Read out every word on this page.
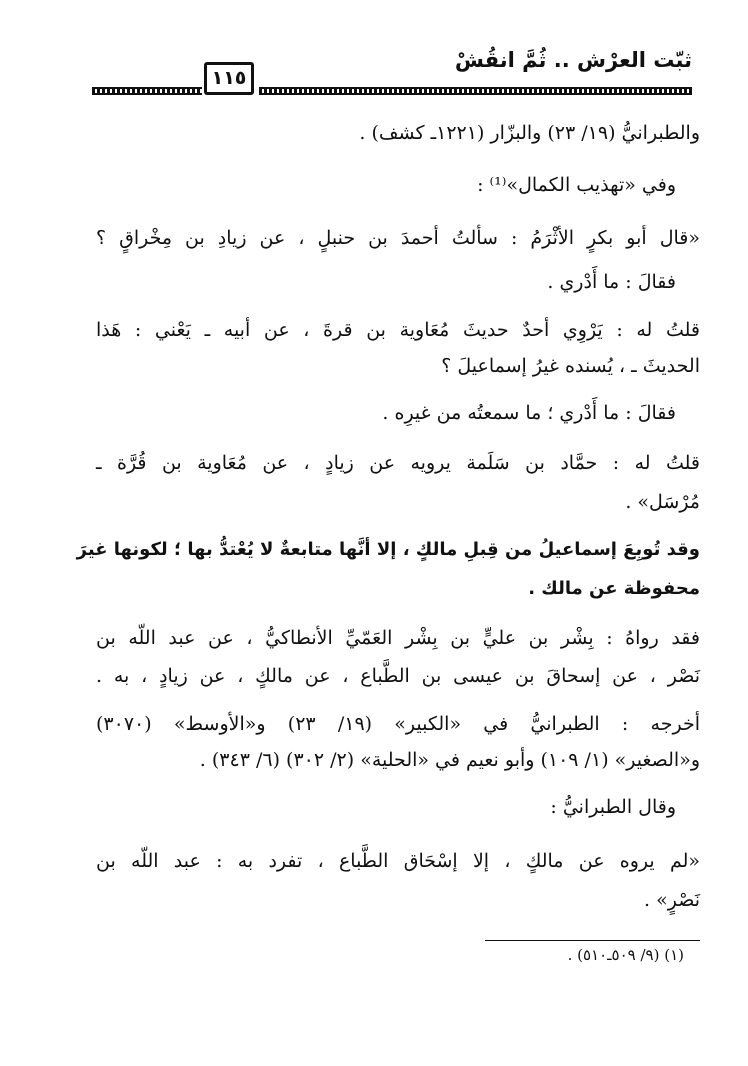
ثبّت العرْش .. ثُمَّ انقُشْ
١١٥
والطبرانيُّ (١٩/ ٢٣) والبزّار (١٢٢١ـ كشف) .
وفي «تهذيب الكمال»⁽¹⁾ :
«قال أبو بكرٍ الأثْرَمُ : سألتُ أحمدَ بن حنبلٍ ، عن زيادِ بن مِخْراقٍ ؟
فقالَ : ما أَدْري .
قلتُ له : يَرْوِي أحدٌ حديثَ مُعَاوية بن قرةَ ، عن أبيه ـ يَعْني : هَذا
الحديثَ ـ ، يُسنده غيرُ إسماعيلَ ؟
فقالَ : ما أَدْري ؛ ما سمعتُه من غيرِه .
قلتُ له : حمَّاد بن سَلَمة يرويه عن زيادٍ ، عن مُعَاوية بن قُرَّة ـ
مُرْسَل» .
وقد تُوبِعَ إسماعيلُ من قِبلِ مالكٍ ، إلا أنَّها متابعةٌ لا يُعْتدُّ بها ؛ لكونها غيرَ
محفوظة عن مالك .
فقد رواهُ : بِشْر بن عليٍّ بن بِشْر العَمّيِّ الأنطاكيُّ ، عن عبد اللّه بن
نَصْر ، عن إسحاقَ بن عيسى بن الطَّباع ، عن مالكٍ ، عن زيادٍ ، به .
أخرجه : الطبرانيُّ في «الكبير» (١٩/ ٢٣) و«الأوسط» (٣٠٧٠)
و«الصغير» (١/ ١٠٩) وأبو نعيم في «الحلية» (٢/ ٣٠٢) (٦/ ٣٤٣) .
وقال الطبرانيُّ :
«لم يروه عن مالكٍ ، إلا إسْحَاق الطَّباع ، تفرد به : عبد اللّه بن
نَصْرٍ» .
(١) (٩/ ٥٠٩ـ٥١٠) .
